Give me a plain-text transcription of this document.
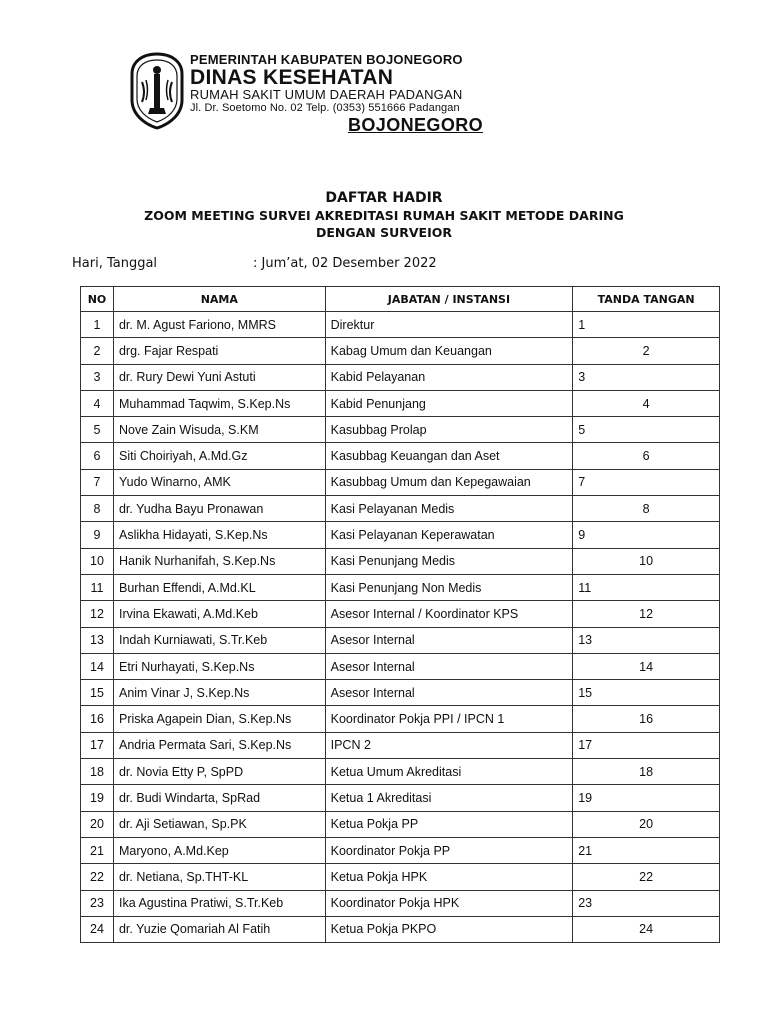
PEMERINTAH KABUPATEN BOJONEGORO
DINAS KESEHATAN
RUMAH SAKIT UMUM DAERAH PADANGAN
Jl. Dr. Soetomo No. 02 Telp. (0353) 551666 Padangan
BOJONEGORO
DAFTAR HADIR
ZOOM MEETING SURVEI AKREDITASI RUMAH SAKIT METODE DARING
DENGAN SURVEIOR
Hari, Tanggal	: Jum’at, 02 Desember 2022
NO	NAMA	JABATAN / INSTANSI	TANDA TANGAN
1	dr. M. Agust Fariono, MMRS	Direktur	1
2	drg. Fajar Respati	Kabag Umum dan Keuangan	2
3	dr. Rury Dewi Yuni Astuti	Kabid Pelayanan	3
4	Muhammad Taqwim, S.Kep.Ns	Kabid Penunjang	4
5	Nove Zain Wisuda, S.KM	Kasubbag Prolap	5
6	Siti Choiriyah, A.Md.Gz	Kasubbag Keuangan dan Aset	6
7	Yudo Winarno, AMK	Kasubbag Umum dan Kepegawaian	7
8	dr. Yudha Bayu Pronawan	Kasi Pelayanan Medis	8
9	Aslikha Hidayati, S.Kep.Ns	Kasi Pelayanan Keperawatan	9
10	Hanik Nurhanifah, S.Kep.Ns	Kasi Penunjang Medis	10
11	Burhan Effendi, A.Md.KL	Kasi Penunjang Non Medis	11
12	Irvina Ekawati, A.Md.Keb	Asesor Internal / Koordinator KPS	12
13	Indah Kurniawati, S.Tr.Keb	Asesor Internal	13
14	Etri Nurhayati, S.Kep.Ns	Asesor Internal	14
15	Anim Vinar J, S.Kep.Ns	Asesor Internal	15
16	Priska Agapein Dian, S.Kep.Ns	Koordinator Pokja PPI / IPCN 1	16
17	Andria Permata Sari, S.Kep.Ns	IPCN 2	17
18	dr. Novia Etty P, SpPD	Ketua Umum Akreditasi	18
19	dr. Budi Windarta, SpRad	Ketua 1 Akreditasi	19
20	dr. Aji Setiawan, Sp.PK	Ketua Pokja PP	20
21	Maryono, A.Md.Kep	Koordinator Pokja PP	21
22	dr. Netiana, Sp.THT-KL	Ketua Pokja HPK	22
23	Ika Agustina Pratiwi, S.Tr.Keb	Koordinator Pokja HPK	23
24	dr. Yuzie Qomariah Al Fatih	Ketua Pokja PKPO	24
